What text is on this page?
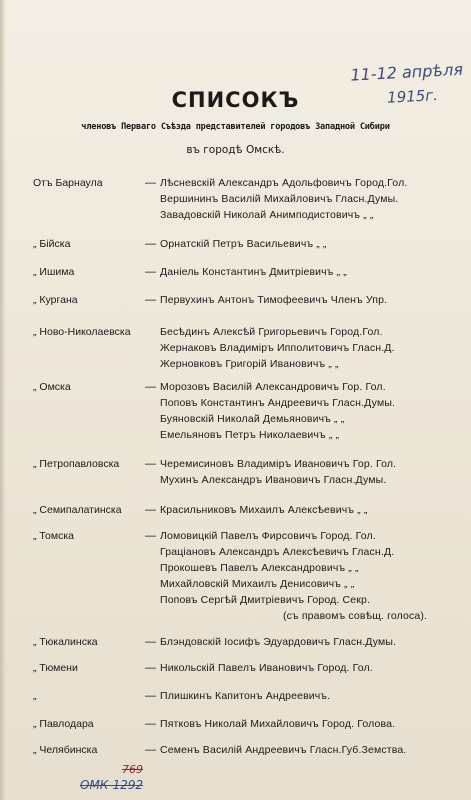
11-12 апрѣля
1915г.
СПИСОКЪ
членовъ Перваго Съѣзда представителей городовъ Западной Сибири
въ городѣ Омскѣ.
Отъ Барнаула	— Лѣсневскій Александръ Адольфовичъ Город.Гол.
Вершининъ Василій Михайловичъ Гласн.Думы.
Завадовскій Николай Анимподистовичъ „ „
„ Бійска	— Орнатскій Петръ Васильевичъ „ „
„ Ишима	— Даніель Константинъ Дмитріевичъ „ „
„ Кургана	— Первухинъ Антонъ Тимофеевичъ Членъ Упр.
„ Ново-Николаевска	Бесѣдинъ Алексѣй Григорьевичъ Город.Гол.
Жернаковъ Владиміръ Ипполитовичъ Гласн.Д.
Жерновковъ Григорій Ивановичъ „ „
„ Омска	— Морозовъ Василій Александровичъ Гор. Гол.
Поповъ Константинъ Андреевичъ Гласн.Думы.
Буяновскій Николай Демьяновичъ „ „
Емельяновъ Петръ Николаевичъ „ „
„ Петропавловска — Черемисиновъ Владиміръ Ивановичъ Гор. Гол.
Мухинъ Александръ Ивановичъ Гласн.Думы.
„ Семипалатинска — Красильниковъ Михаилъ Алексѣевичъ „ „
„ Томска	— Ломовицкій Павелъ Фирсовичъ Город. Гол.
Граціановъ Александръ Алексѣевичъ Гласн.Д.
Прокошевъ Павелъ Александровичъ „ „
Михайловскій Михаилъ Денисовичъ „ „
Поповъ Сергѣй Дмитріевичъ Город. Секр.
(съ правомъ совѣщ. голоса).
„ Тюкалинска	— Блэндовскій Іосифъ Эдуардовичъ Гласн.Думы.
„ Тюмени	— Никольскій Павелъ Ивановичъ Город. Гол.
„	— Плишкинъ Капитонъ Андреевичъ.
„ Павлодара	— Пятковъ Николай Михайловичъ Город. Голова.
„ Челябинска	— Семенъ Василій Андреевичъ Гласн.Губ.Земства.
769
ОМК-1292
